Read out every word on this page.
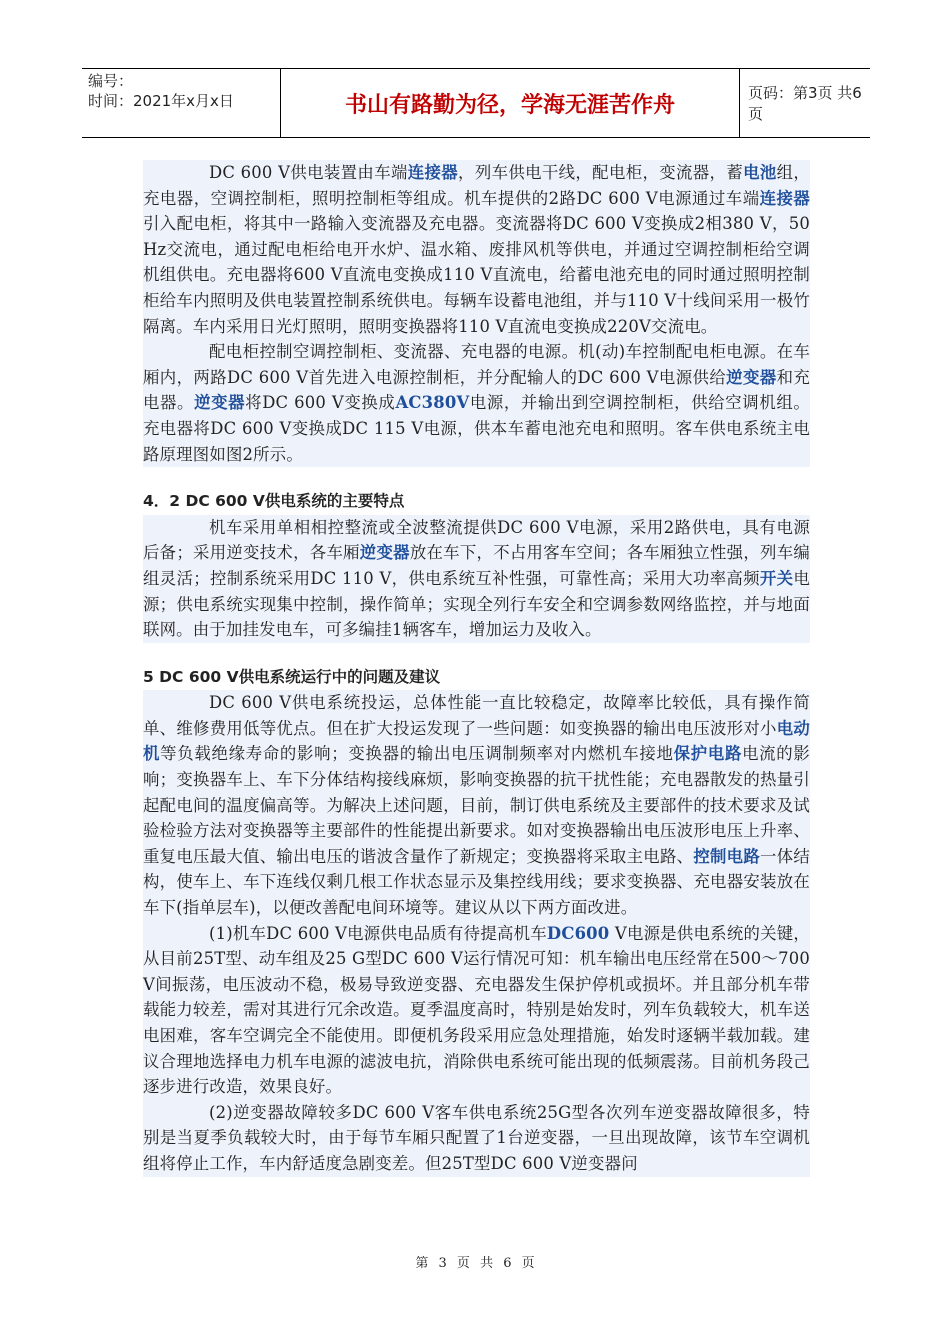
编号：
时间：2021年x月x日	书山有路勤为径，学海无涯苦作舟	页码：第3页 共6页

DC 600 V供电装置由车端连接器，列车供电干线，配电柜，变流器，蓄电池组，充电器，空调控制柜，照明控制柜等组成。机车提供的2路DC 600 V电源通过车端连接器引入配电柜，将其中一路输入变流器及充电器。变流器将DC 600 V变换成2相380 V，50 Hz交流电，通过配电柜给电开水炉、温水箱、废排风机等供电，并通过空调控制柜给空调机组供电。充电器将600 V直流电变换成110 V直流电，给蓄电池充电的同时通过照明控制柜给车内照明及供电装置控制系统供电。每辆车设蓄电池组，并与110 V十线间采用一极竹隔离。车内采用日光灯照明，照明变换器将110 V直流电变换成220V交流电。

配电柜控制空调控制柜、变流器、充电器的电源。机(动)车控制配电柜电源。在车厢内，两路DC 600 V首先进入电源控制柜，并分配输人的DC 600 V电源供给逆变器和充电器。逆变器将DC 600 V变换成AC380V电源，并输出到空调控制柜，供给空调机组。充电器将DC 600 V变换成DC 115 V电源，供本车蓄电池充电和照明。客车供电系统主电路原理图如图2所示。

4．2 DC 600 V供电系统的主要特点

机车采用单相相控整流或全波整流提供DC 600 V电源，采用2路供电，具有电源后备；采用逆变技术，各车厢逆变器放在车下，不占用客车空间；各车厢独立性强，列车编组灵活；控制系统采用DC 110 V，供电系统互补性强，可靠性高；采用大功率高频开关电源；供电系统实现集中控制，操作简单；实现全列行车安全和空调参数网络监控，并与地面联网。由于加挂发电车，可多编挂1辆客车，增加运力及收入。

5 DC 600 V供电系统运行中的问题及建议

DC 600 V供电系统投运，总体性能一直比较稳定，故障率比较低，具有操作简单、维修费用低等优点。但在扩大投运发现了一些问题：如变换器的输出电压波形对小电动机等负载绝缘寿命的影响；变换器的输出电压调制频率对内燃机车接地保护电路电流的影响；变换器车上、车下分体结构接线麻烦，影响变换器的抗干扰性能；充电器散发的热量引起配电间的温度偏高等。为解决上述问题，目前，制订供电系统及主要部件的技术要求及试验检验方法对变换器等主要部件的性能提出新要求。如对变换器输出电压波形电压上升率、重复电压最大值、输出电压的谐波含量作了新规定；变换器将采取主电路、控制电路一体结构，使车上、车下连线仅剩几根工作状态显示及集控线用线；要求变换器、充电器安装放在车下(指单层车)，以便改善配电间环境等。建议从以下两方面改进。

(1)机车DC 600 V电源供电品质有待提高机车DC600 V电源是供电系统的关键，从目前25T型、动车组及25 G型DC 600 V运行情况可知：机车输出电压经常在500～700 V间振荡，电压波动不稳，极易导致逆变器、充电器发生保护停机或损坏。并且部分机车带载能力较差，需对其进行冗余改造。夏季温度高时，特别是始发时，列车负载较大，机车送电困难，客车空调完全不能使用。即便机务段采用应急处理措施，始发时逐辆半载加载。建议合理地选择电力机车电源的滤波电抗，消除供电系统可能出现的低频震荡。目前机务段己逐步进行改造，效果良好。

(2)逆变器故障较多DC 600 V客车供电系统25G型各次列车逆变器故障很多，特别是当夏季负载较大时，由于每节车厢只配置了1台逆变器，一旦出现故障，该节车空调机组将停止工作，车内舒适度急剧变差。但25T型DC 600 V逆变器问

第 3 页 共 6 页
